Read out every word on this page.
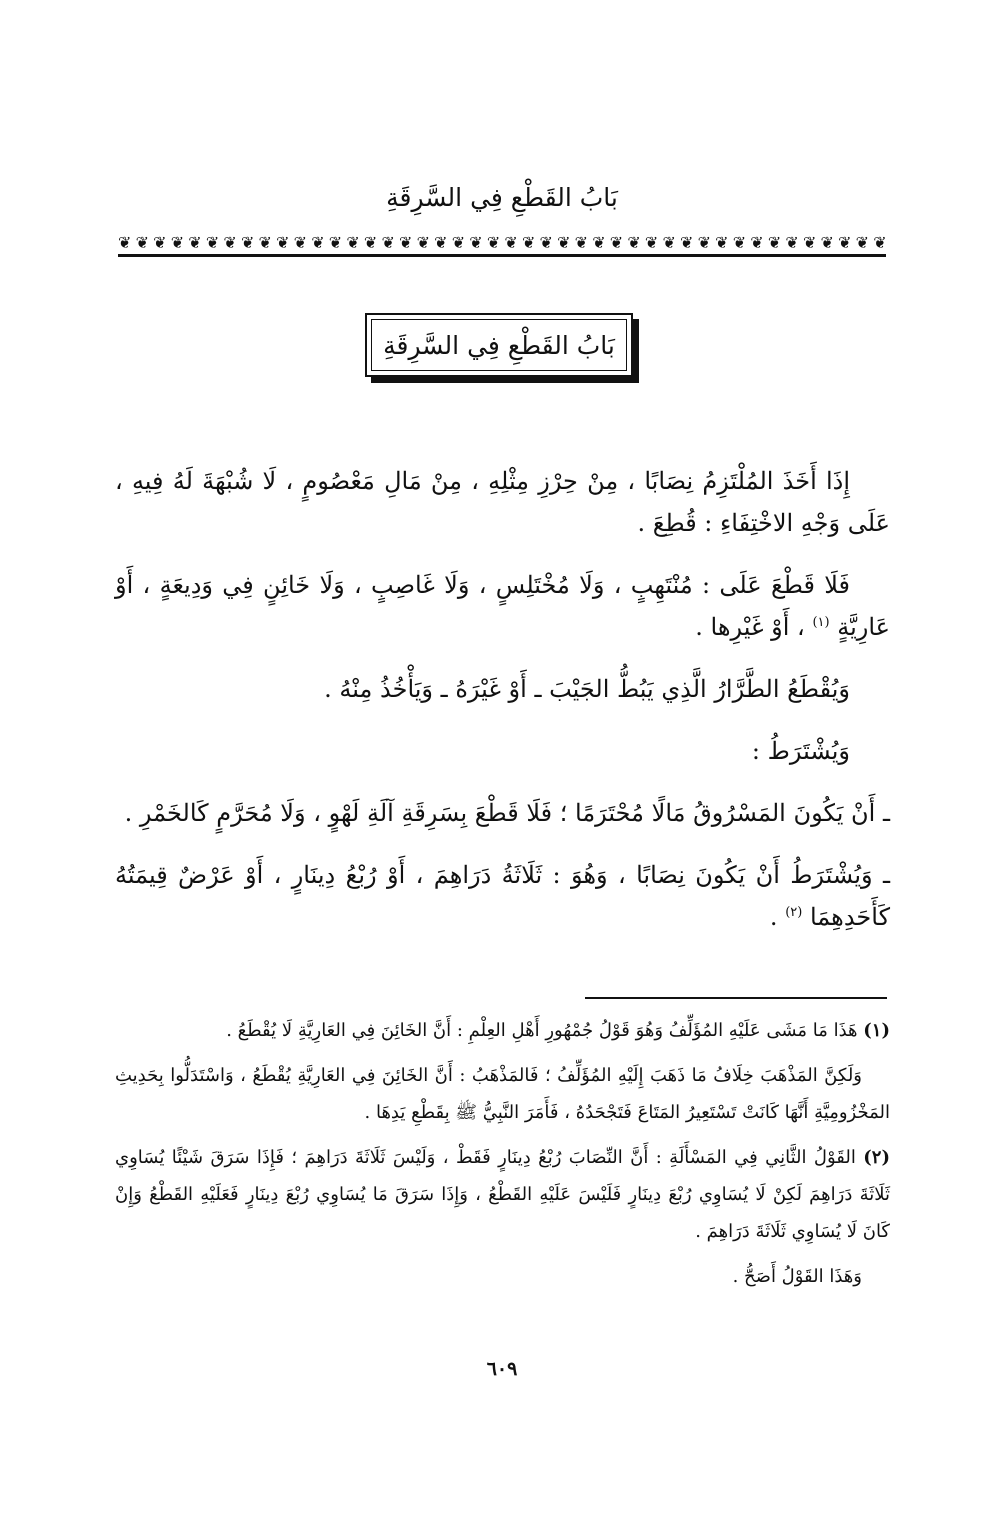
بَابُ القَطْعِ فِي السَّرِقَةِ
❦ ❦ ❦ ❦ ❦ ❦ ❦ ❦ ❦ ❦ ❦ ❦ ❦ ❦ ❦ ❦ ❦ ❦ ❦ ❦ ❦ ❦ ❦ ❦ ❦ ❦ ❦ ❦ ❦ ❦ ❦ ❦ ❦ ❦ ❦ ❦ ❦ ❦ ❦ ❦ ❦ ❦ ❦ ❦
بَابُ القَطْعِ فِي السَّرِقَةِ

إِذَا أَخَذَ المُلْتَزِمُ نِصَابًا ، مِنْ حِرْزِ مِثْلِهِ ، مِنْ مَالِ مَعْصُومٍ ، لَا شُبْهَةَ لَهُ فِيهِ ، عَلَى وَجْهِ الاخْتِفَاءِ : قُطِعَ .

فَلَا قَطْعَ عَلَى : مُنْتَهِبٍ ، وَلَا مُخْتَلِسٍ ، وَلَا غَاصِبٍ ، وَلَا خَائِنٍ فِي وَدِيعَةٍ ، أَوْ عَارِيَّةٍ $^{(١)}$ ، أَوْ غَيْرِها .

وَيُقْطَعُ الطَّرَّارُ الَّذِي يَبُطُّ الجَيْبَ ـ أَوْ غَيْرَهُ ـ وَيَأْخُذُ مِنْهُ .

وَيُشْتَرَطُ :

ـ أَنْ يَكُونَ المَسْرُوقُ مَالًا مُحْتَرَمًا ؛ فَلَا قَطْعَ بِسَرِقَةِ آلَةِ لَهْوٍ ، وَلَا مُحَرَّمٍ كَالخَمْرِ .

ـ وَيُشْتَرَطُ أَنْ يَكُونَ نِصَابًا ، وَهُوَ : ثَلَاثَةُ دَرَاهِمَ ، أَوْ رُبْعُ دِينَارٍ ، أَوْ عَرْضٌ قِيمَتُهُ كَأَحَدِهِمَا $^{(٢)}$ .

(١) هَذَا مَا مَشَى عَلَيْهِ المُؤَلِّفُ وَهُوَ قَوْلُ جُمْهُورِ أَهْلِ العِلْمِ : أَنَّ الخَائِنَ فِي العَارِيَّةِ لَا يُقْطَعُ .

وَلَكِنَّ المَذْهَبَ خِلَافُ مَا ذَهَبَ إِلَيْهِ المُؤَلِّفُ ؛ فَالمَذْهَبُ : أَنَّ الخَائِنَ فِي العَارِيَّةِ يُقْطَعُ ، وَاسْتَدَلُّوا بِحَدِيثِ المَخْزُومِيَّةِ أَنَّهَا كَانَتْ تَسْتَعِيرُ المَتَاعَ فَتَجْحَدُهُ ، فَأَمَرَ النَّبِيُّ ﷺ بِقَطْعِ يَدِهَا .

(٢) القَوْلُ الثَّانِي فِي المَسْأَلَةِ : أَنَّ النِّصَابَ رُبْعُ دِينَارٍ فَقَطْ ، وَلَيْسَ ثَلَاثَةَ دَرَاهِمَ ؛ فَإِذَا سَرَقَ شَيْئًا يُسَاوِي ثَلَاثَةَ دَرَاهِمَ لَكِنْ لَا يُسَاوِي رُبْعَ دِينَارٍ فَلَيْسَ عَلَيْهِ القَطْعُ ، وَإِذَا سَرَقَ مَا يُسَاوِي رُبْعَ دِينَارٍ فَعَلَيْهِ القَطْعُ وَإِنْ كَانَ لَا يُسَاوِي ثَلَاثَةَ دَرَاهِمَ .

وَهَذَا القَوْلُ أَصَحُّ .

٦٠٩
